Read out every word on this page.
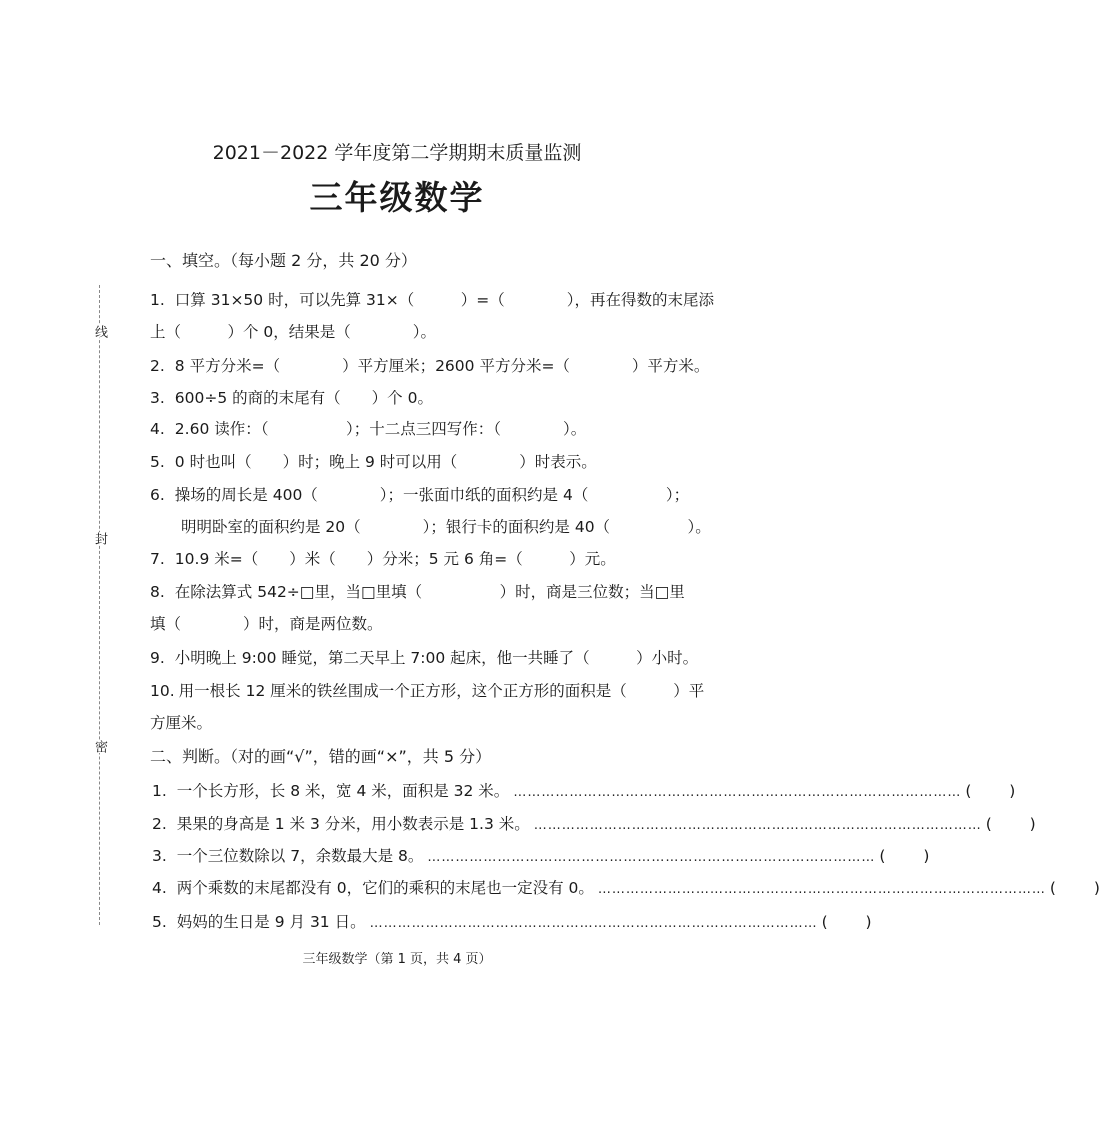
线
封
密
2021－2022 学年度第二学期期末质量监测
三年级数学
一、填空。（每小题 2 分，共 20 分）
1. 口算 31×50 时，可以先算 31×（　　　）=（　　　　），再在得数的末尾添
上（　　　）个 0，结果是（　　　　）。
2. 8 平方分米=（　　　　）平方厘米；2600 平方分米=（　　　　）平方米。
3. 600÷5 的商的末尾有（　　）个 0。
4. 2.60 读作：（　　　　　）；十二点三四写作：（　　　　）。
5. 0 时也叫（　　）时；晚上 9 时可以用（　　　　）时表示。
6. 操场的周长是 400（　　　　）；一张面巾纸的面积约是 4（　　　　　）；
明明卧室的面积约是 20（　　　　）；银行卡的面积约是 40（　　　　　）。
7. 10.9 米=（　　）米（　　）分米；5 元 6 角=（　　　）元。
8. 在除法算式 542÷□里，当□里填（　　　　　）时，商是三位数；当□里
填（　　　　）时，商是两位数。
9. 小明晚上 9:00 睡觉，第二天早上 7:00 起床，他一共睡了（　　　）小时。
10. 用一根长 12 厘米的铁丝围成一个正方形，这个正方形的面积是（　　　）平
方厘米。
二、判断。（对的画“√”，错的画“×”，共 5 分）
1. 一个长方形，长 8 米，宽 4 米，面积是 32 米。 …………………………………………………………………………………… ( )
2. 果果的身高是 1 米 3 分米，用小数表示是 1.3 米。 …………………………………………………………………………………… ( )
3. 一个三位数除以 7，余数最大是 8。 …………………………………………………………………………………… ( )
4. 两个乘数的末尾都没有 0，它们的乘积的末尾也一定没有 0。 …………………………………………………………………………………… ( )
5. 妈妈的生日是 9 月 31 日。 …………………………………………………………………………………… ( )
三年级数学（第 1 页，共 4 页）
